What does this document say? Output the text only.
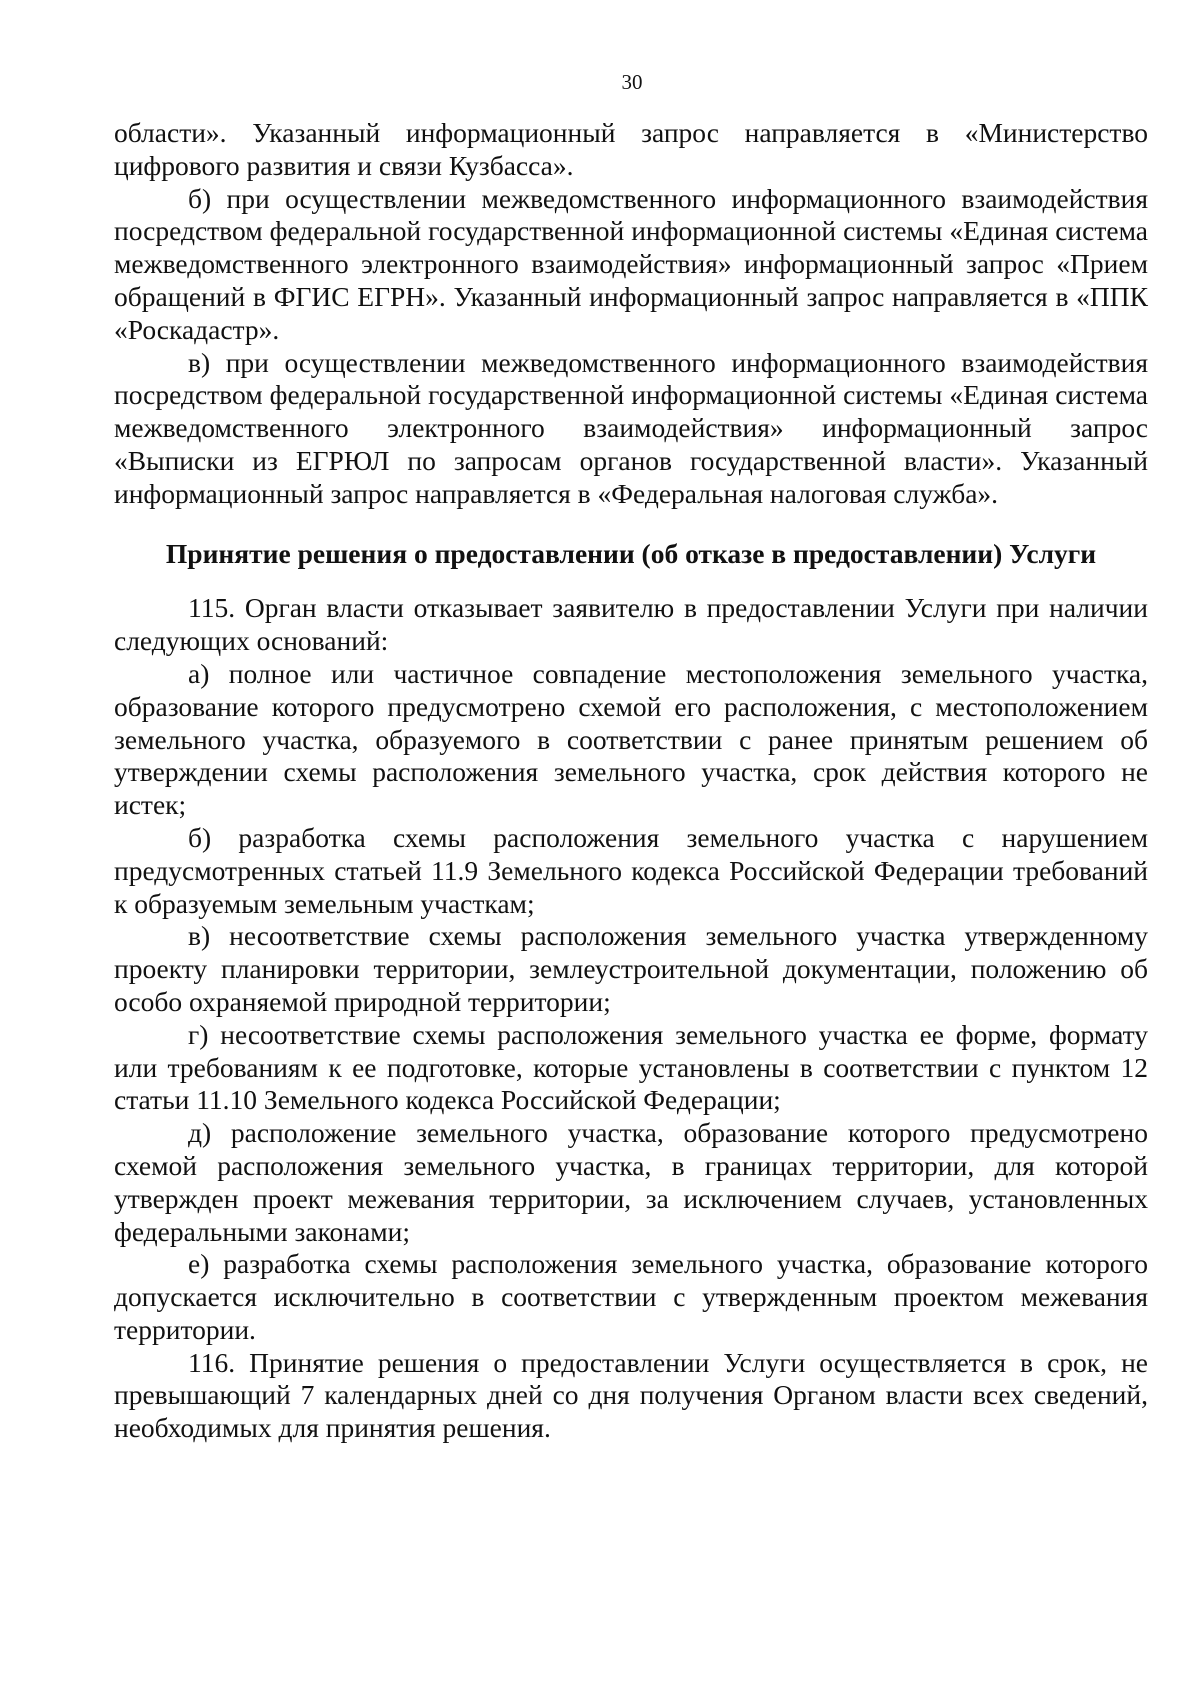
30

области». Указанный информационный запрос направляется в «Министерство цифрового развития и связи Кузбасса».

б) при осуществлении межведомственного информационного взаимодействия посредством федеральной государственной информационной системы «Единая система межведомственного электронного взаимодействия» информационный запрос «Прием обращений в ФГИС ЕГРН». Указанный информационный запрос направляется в «ППК «Роскадастр».

в) при осуществлении межведомственного информационного взаимодействия посредством федеральной государственной информационной системы «Единая система межведомственного электронного взаимодействия» информационный запрос «Выписки из ЕГРЮЛ по запросам органов государственной власти». Указанный информационный запрос направляется в «Федеральная налоговая служба».

Принятие решения о предоставлении (об отказе в предоставлении) Услуги

115. Орган власти отказывает заявителю в предоставлении Услуги при наличии следующих оснований:

а) полное или частичное совпадение местоположения земельного участка, образование которого предусмотрено схемой его расположения, с местоположением земельного участка, образуемого в соответствии с ранее принятым решением об утверждении схемы расположения земельного участка, срок действия которого не истек;

б) разработка схемы расположения земельного участка с нарушением предусмотренных статьей 11.9 Земельного кодекса Российской Федерации требований к образуемым земельным участкам;

в) несоответствие схемы расположения земельного участка утвержденному проекту планировки территории, землеустроительной документации, положению об особо охраняемой природной территории;

г) несоответствие схемы расположения земельного участка ее форме, формату или требованиям к ее подготовке, которые установлены в соответствии с пунктом 12 статьи 11.10 Земельного кодекса Российской Федерации;

д) расположение земельного участка, образование которого предусмотрено схемой расположения земельного участка, в границах территории, для которой утвержден проект межевания территории, за исключением случаев, установленных федеральными законами;

е) разработка схемы расположения земельного участка, образование которого допускается исключительно в соответствии с утвержденным проектом межевания территории.

116. Принятие решения о предоставлении Услуги осуществляется в срок, не превышающий 7 календарных дней со дня получения Органом власти всех сведений, необходимых для принятия решения.
